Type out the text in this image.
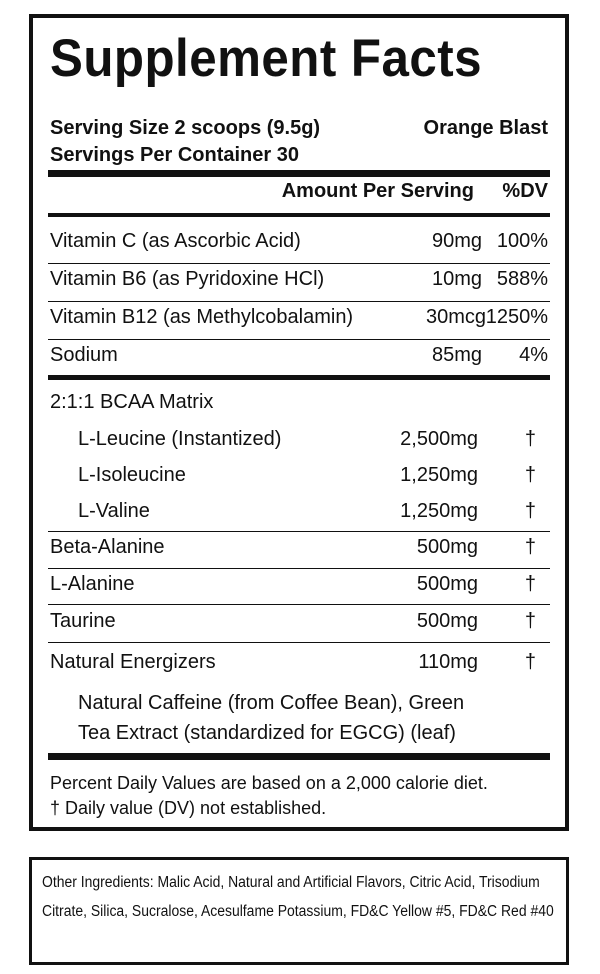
Supplement Facts
Serving Size 2 scoops (9.5g)	Orange Blast
Servings Per Container 30
Amount Per Serving %DV
Vitamin C (as Ascorbic Acid)	90mg 100%
Vitamin B6 (as Pyridoxine HCl)	10mg 588%
Vitamin B12 (as Methylcobalamin)	30mcg 1250%
Sodium	85mg 4%
2:1:1 BCAA Matrix
L-Leucine (Instantized)	2,500mg †
L-Isoleucine	1,250mg †
L-Valine	1,250mg †
Beta-Alanine	500mg †
L-Alanine	500mg †
Taurine	500mg †
Natural Energizers	110mg †
Natural Caffeine (from Coffee Bean), Green
Tea Extract (standardized for EGCG) (leaf)
Percent Daily Values are based on a 2,000 calorie diet.
† Daily value (DV) not established.
Other Ingredients: Malic Acid, Natural and Artificial Flavors, Citric Acid, Trisodium Citrate, Silica, Sucralose, Acesulfame Potassium, FD&C Yellow #5, FD&C Red #40
